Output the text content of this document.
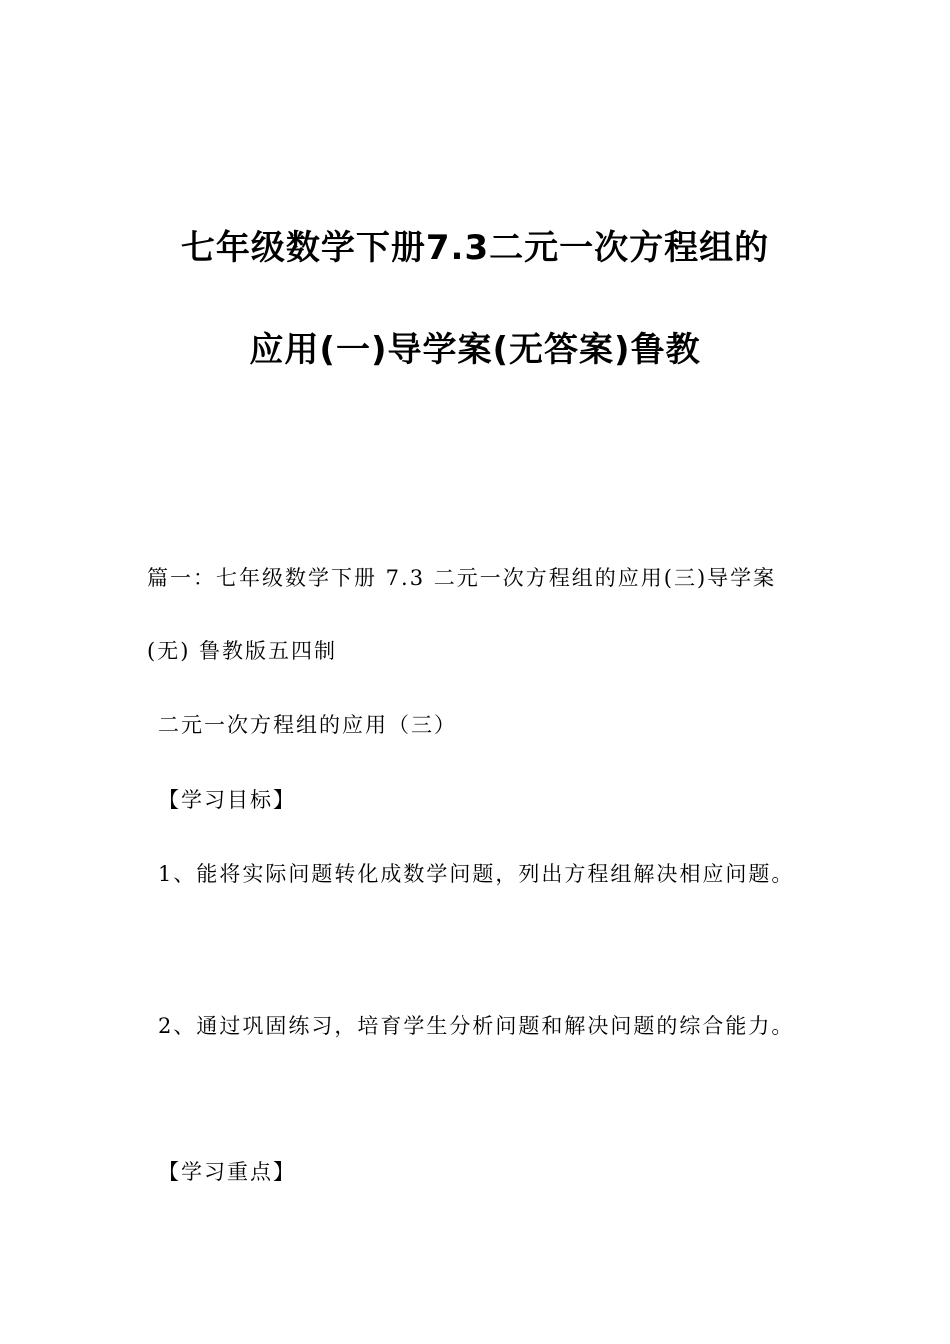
七年级数学下册7.3二元一次方程组的
应用(一)导学案(无答案)鲁教
篇一：七年级数学下册 7.3 二元一次方程组的应用(三)导学案
(无) 鲁教版五四制
二元一次方程组的应用（三）
【学习目标】
1、能将实际问题转化成数学问题，列出方程组解决相应问题。
2、通过巩固练习，培育学生分析问题和解决问题的综合能力。
【学习重点】
